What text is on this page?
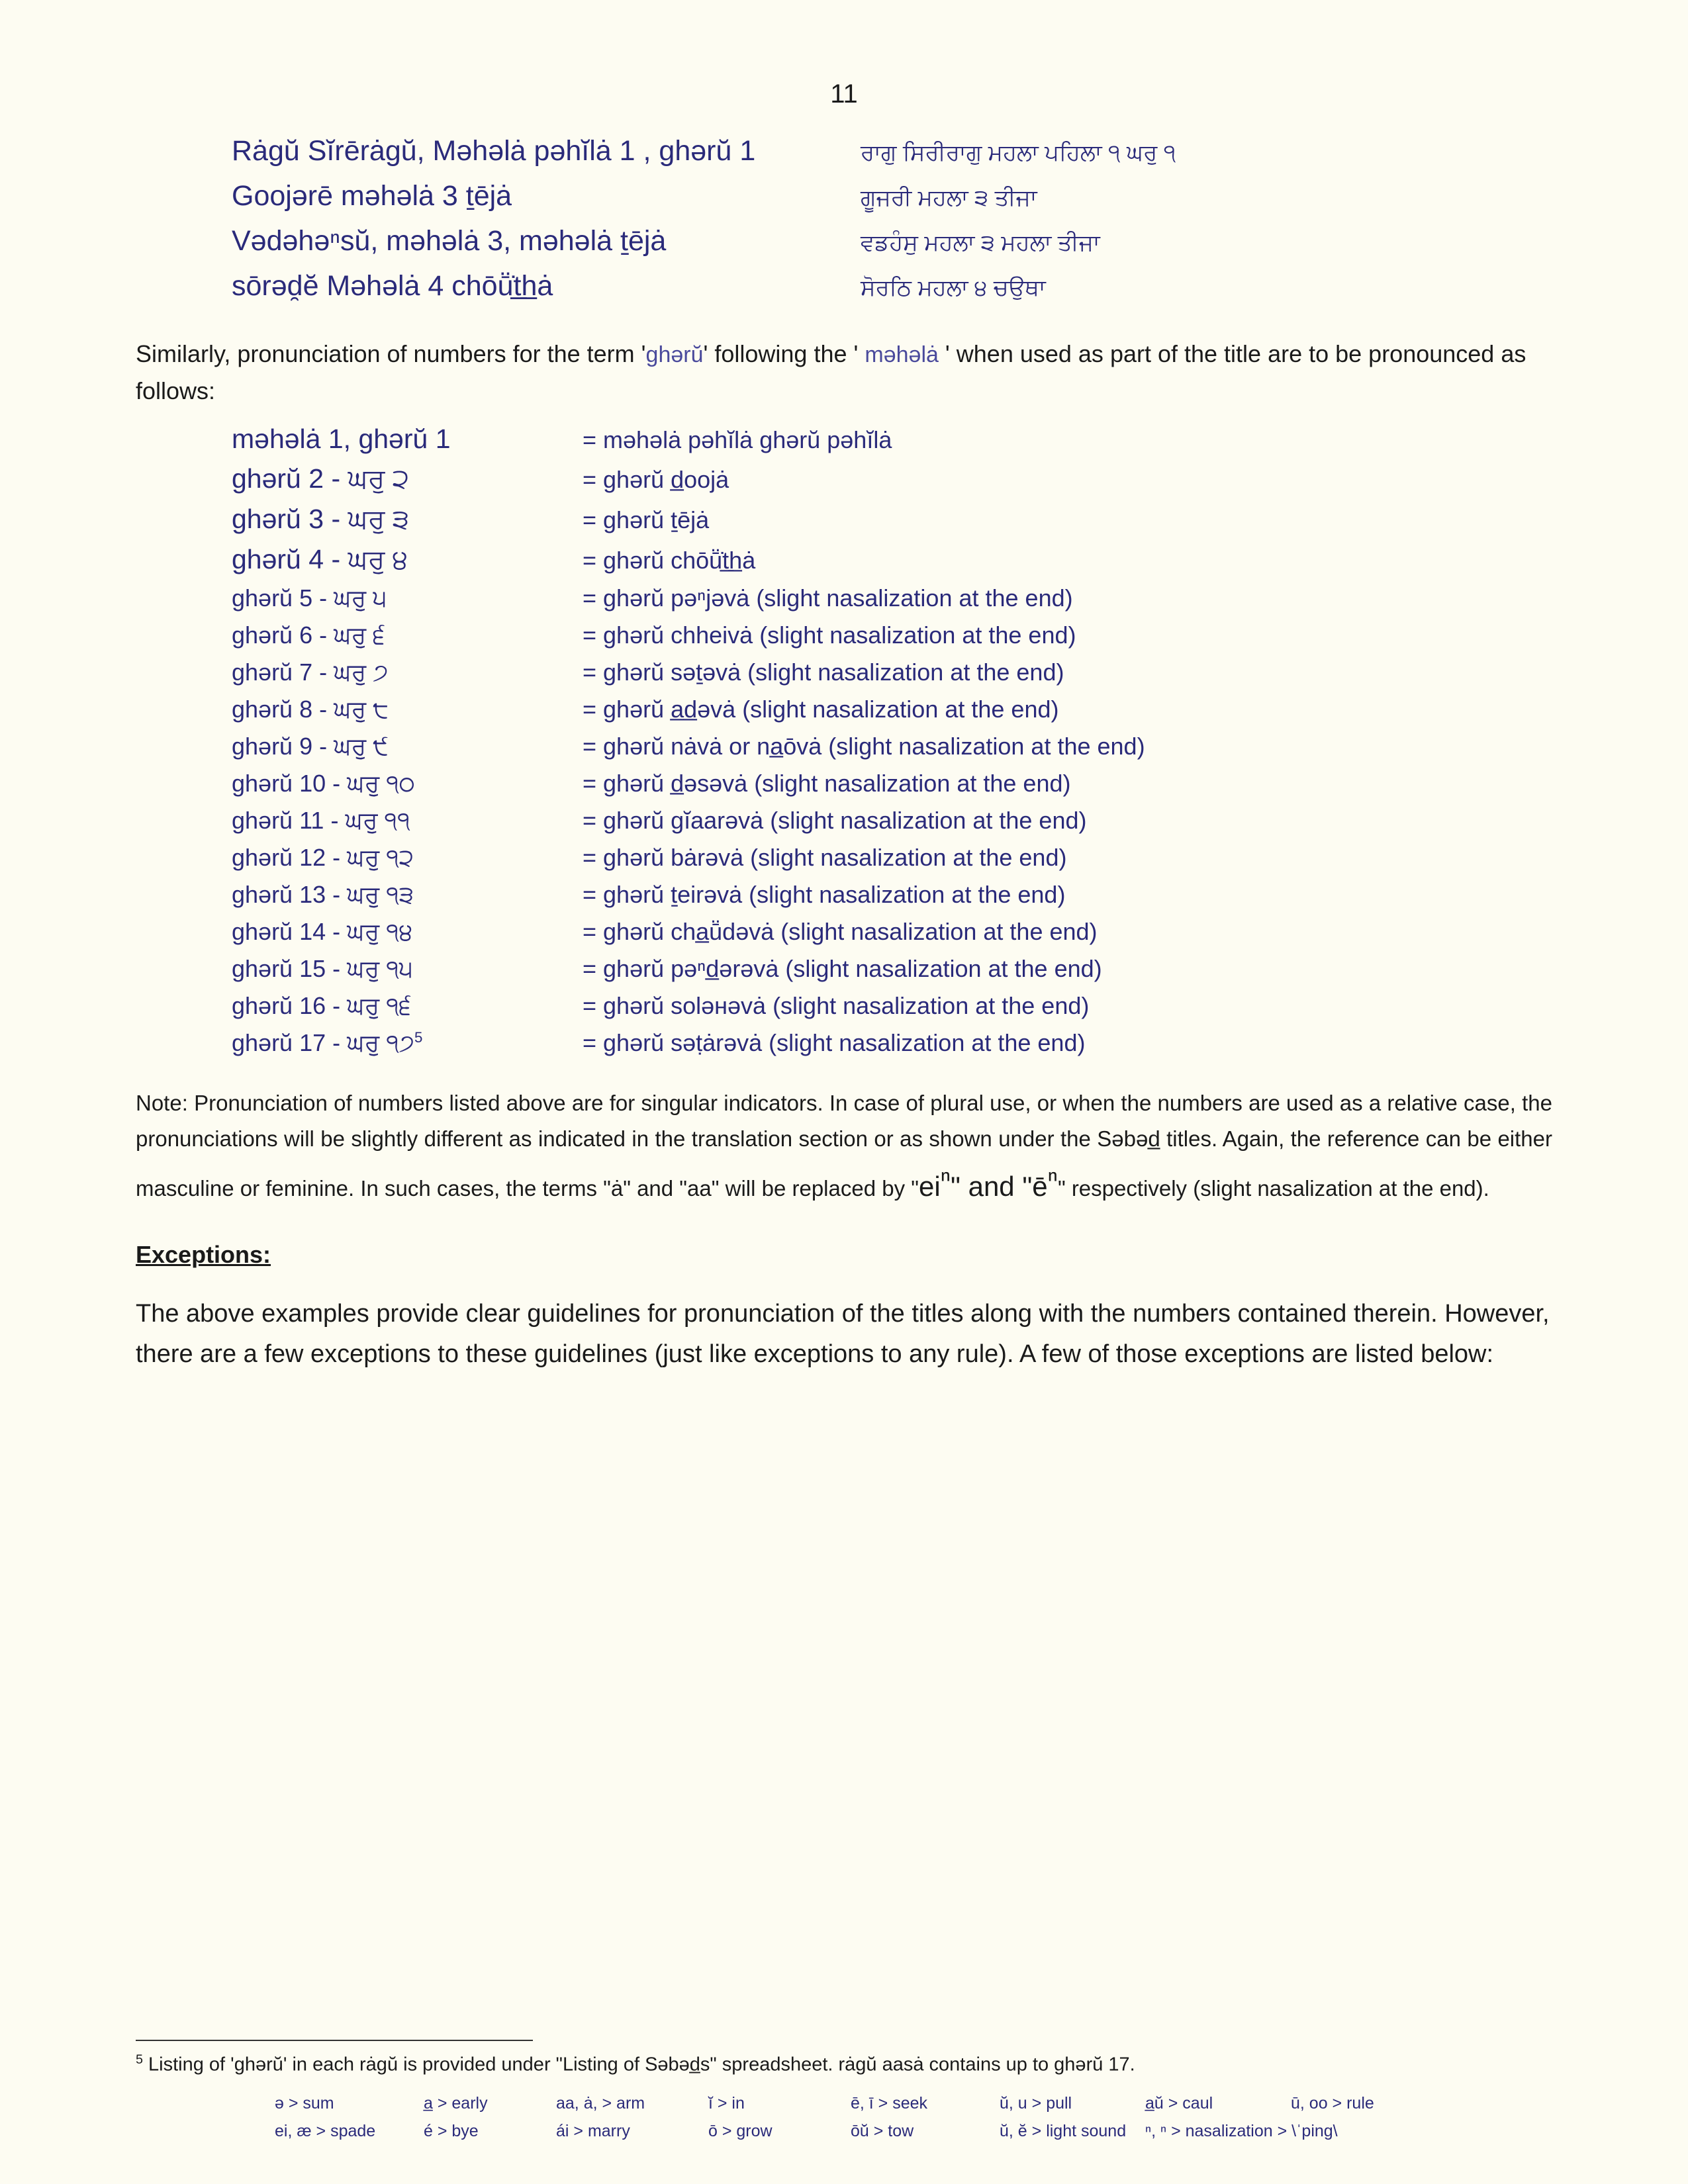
11
Rȧgŭ Sĭrērȧgŭ, Məhəlȧ pəhĭlȧ 1 , ghərŭ 1	ਰਾਗੁ ਸਿਰੀਰਾਗੁ ਮਹਲਾ ਪਹਿਲਾ ੧ ਘਰੁ ੧
Goojərē məhəlȧ 3 ṯējȧ	ਗੂਜਰੀ ਮਹਲਾ ੩ ਤੀਜਾ
Vədəhəⁿsŭ, məhəlȧ 3, məhəlȧ ṯējȧ	ਵਡਹੰਸੁ ਮਹਲਾ ੩ ਮਹਲਾ ਤੀਜਾ
sōrəd̯ĕ Məhəlȧ 4 chōṻ̇t̲h̲ȧ	ਸੋਰਠਿ ਮਹਲਾ ੪ ਚਉਥਾ

Similarly, pronunciation of numbers for the term 'ghərŭ' following the ' məhəlȧ ' when used as part of the title are to be pronounced as follows:

məhəlȧ 1, ghərŭ 1	= məhəlȧ pəhĭlȧ ghərŭ pəhĭlȧ
ghərŭ 2 - ਘਰੁ ੨	= ghərŭ d̲oojȧ
ghərŭ 3 - ਘਰੁ ੩	= ghərŭ ṯējȧ
ghərŭ 4 - ਘਰੁ ੪	= ghərŭ chōṻ̇t̲h̲ȧ
ghərŭ 5 - ਘਰੁ ੫	= ghərŭ pəⁿjəvȧ (slight nasalization at the end)
ghərŭ 6 - ਘਰੁ ੬	= ghərŭ chheivȧ (slight nasalization at the end)
ghərŭ 7 - ਘਰੁ ੭	= ghərŭ səṯəvȧ (slight nasalization at the end)
ghərŭ 8 - ਘਰੁ ੮	= ghərŭ a̲d̲əvȧ (slight nasalization at the end)
ghərŭ 9 - ਘਰੁ ੯	= ghərŭ nȧvȧ or na̲ōvȧ (slight nasalization at the end)
ghərŭ 10 - ਘਰੁ ੧੦	= ghərŭ d̲əsəvȧ (slight nasalization at the end)
ghərŭ 11 - ਘਰੁ ੧੧	= ghərŭ gĭaarəvȧ (slight nasalization at the end)
ghərŭ 12 - ਘਰੁ ੧੨	= ghərŭ bȧrəvȧ (slight nasalization at the end)
ghərŭ 13 - ਘਰੁ ੧੩	= ghərŭ ṯeirəvȧ (slight nasalization at the end)
ghərŭ 14 - ਘਰੁ ੧੪	= ghərŭ cha̲ṻdəvȧ (slight nasalization at the end)
ghərŭ 15 - ਘਰੁ ੧੫	= ghərŭ pəⁿd̲ərəvȧ (slight nasalization at the end)
ghərŭ 16 - ਘਰੁ ੧੬	= ghərŭ soləнəvȧ (slight nasalization at the end)
ghərŭ 17 - ਘਰੁ $੧੭^5$	= ghərŭ səṭȧrəvȧ (slight nasalization at the end)

Note: Pronunciation of numbers listed above are for singular indicators. In case of plural use, or when the numbers are used as a relative case, the pronunciations will be slightly different as indicated in the translation section or as shown under the Səbəd̲ titles. Again, the reference can be either masculine or feminine. In such cases, the terms "ȧ" and "aa" will be replaced by "eiⁿ" and "ēⁿ" respectively (slight nasalization at the end).

Exceptions:

The above examples provide clear guidelines for pronunciation of the titles along with the numbers contained therein. However, there are a few exceptions to these guidelines (just like exceptions to any rule). A few of those exceptions are listed below:

$^5$ Listing of 'ghərŭ' in each rȧgŭ is provided under "Listing of Səbəd̲s" spreadsheet. rȧgŭ aasȧ contains up to ghərŭ 17.
ə > sum	a̲ > early	aa, ȧ, > arm	ĭ > in	ē, ī > seek	ŭ, u > pull	a̲ŭ > caul	ū, oo > rule
ei, æ > spade	é > bye	ái > marry	ō > grow	ōŭ̇ > tow	ŭ, ĕ > light sound	ⁿ, ⁿ > nasalization > \ˈping\
